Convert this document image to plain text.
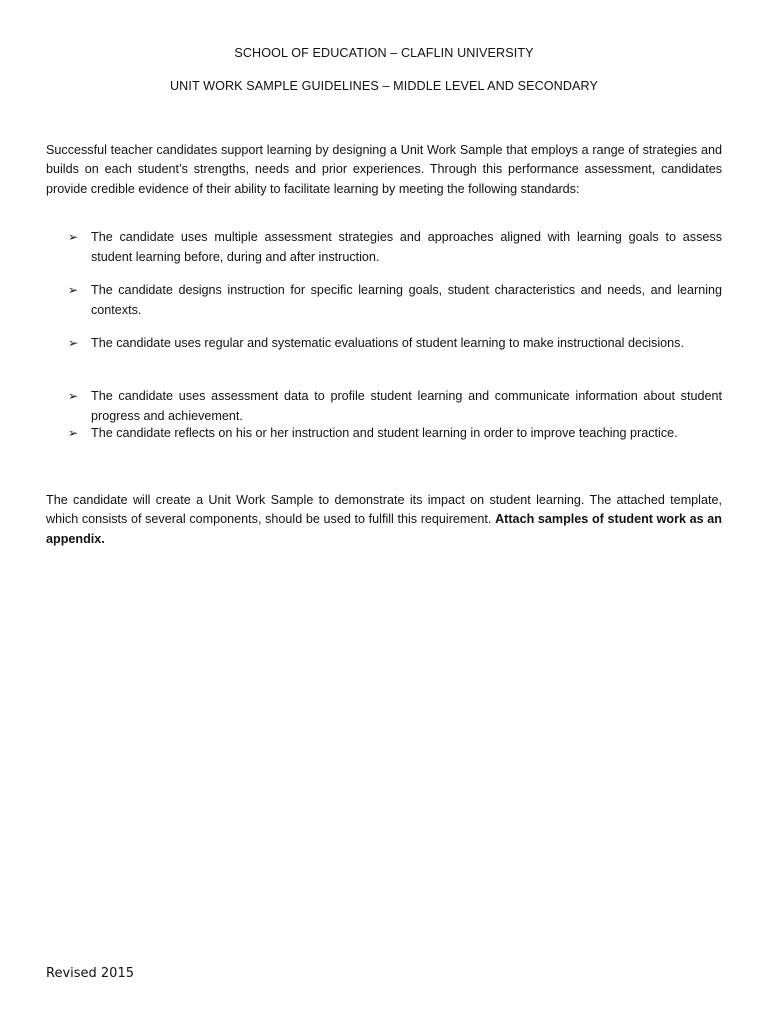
SCHOOL OF EDUCATION – CLAFLIN UNIVERSITY
UNIT WORK SAMPLE GUIDELINES – MIDDLE LEVEL AND SECONDARY

Successful teacher candidates support learning by designing a Unit Work Sample that employs a range of strategies and builds on each student’s strengths, needs and prior experiences. Through this performance assessment, candidates provide credible evidence of their ability to facilitate learning by meeting the following standards:

➢ The candidate uses multiple assessment strategies and approaches aligned with learning goals to assess student learning before, during and after instruction.
➢ The candidate designs instruction for specific learning goals, student characteristics and needs, and learning contexts.
➢ The candidate uses regular and systematic evaluations of student learning to make instructional decisions.
➢ The candidate uses assessment data to profile student learning and communicate information about student progress and achievement.
➢ The candidate reflects on his or her instruction and student learning in order to improve teaching practice.

The candidate will create a Unit Work Sample to demonstrate its impact on student learning. The attached template, which consists of several components, should be used to fulfill this requirement. Attach samples of student work as an appendix.

Revised 2015
